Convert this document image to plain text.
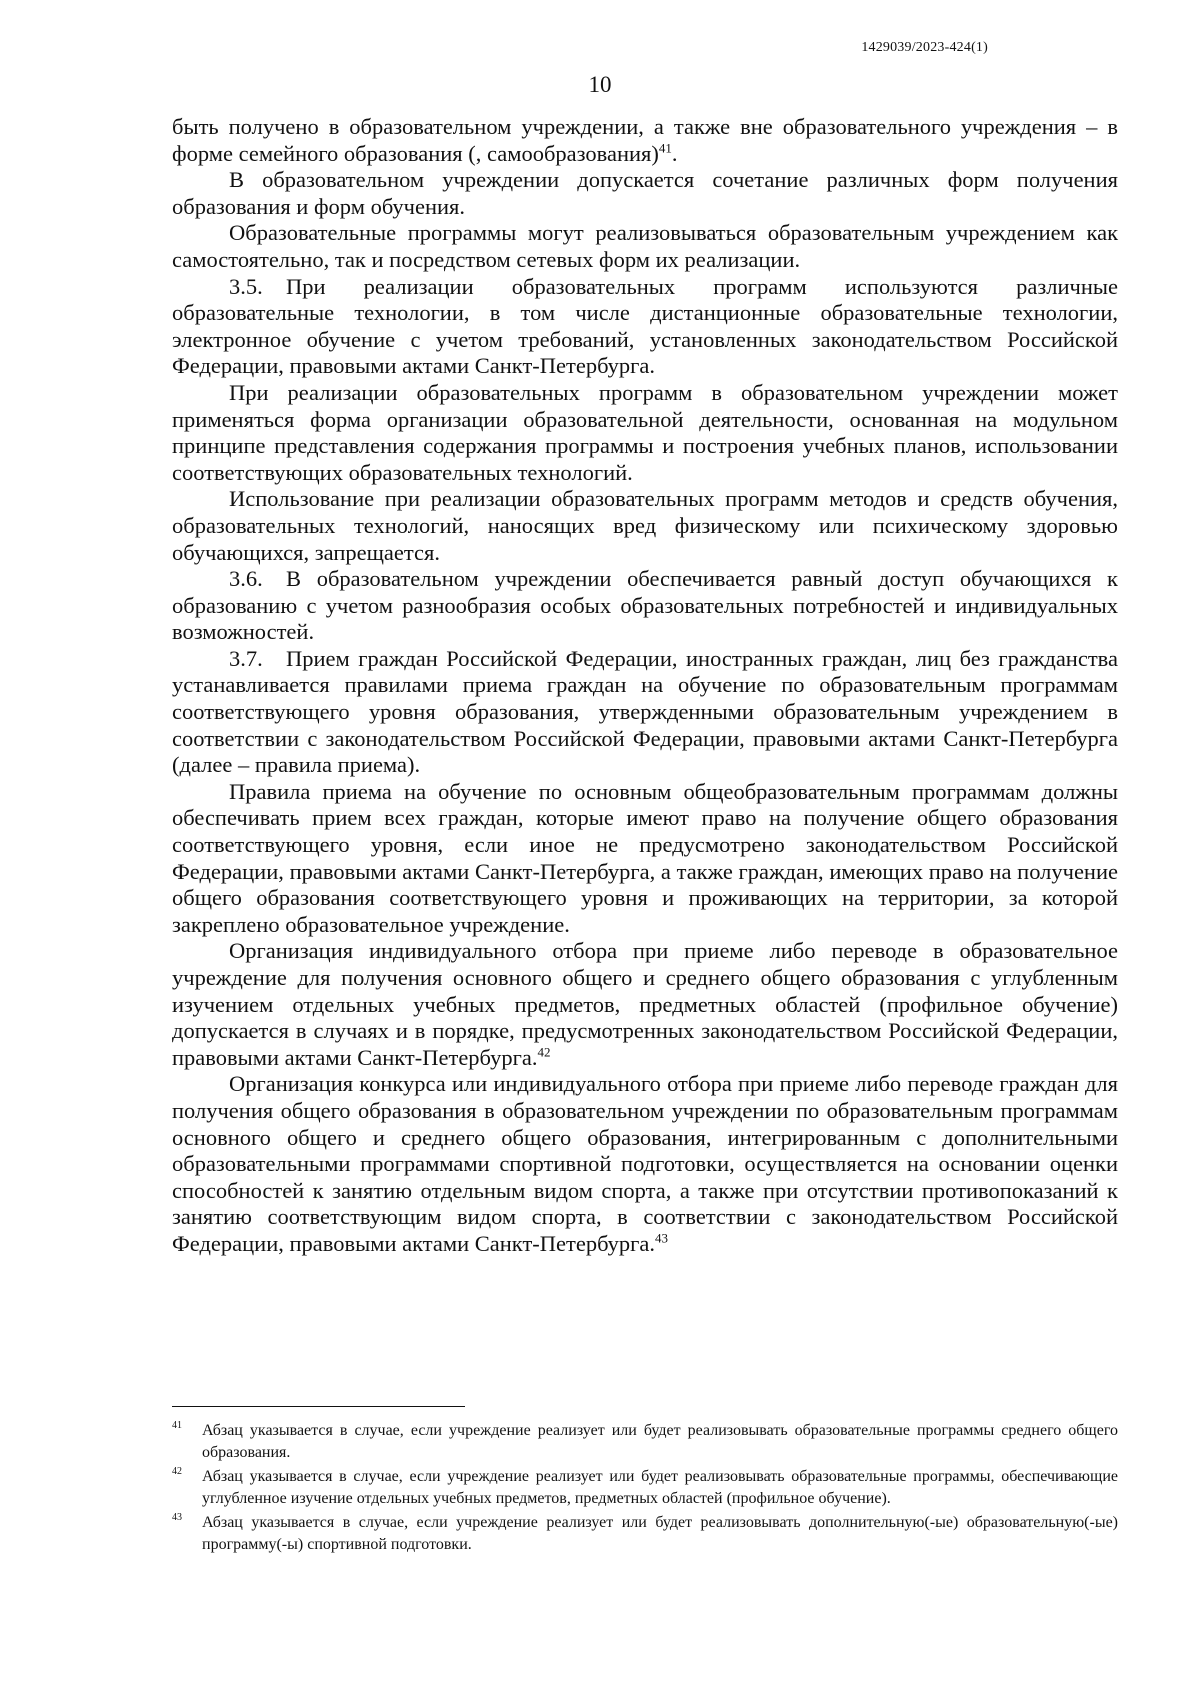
1429039/2023-424(1)
10

быть получено в образовательном учреждении, а также вне образовательного учреждения – в форме семейного образования (, самообразования)$^{41}$.

В образовательном учреждении допускается сочетание различных форм получения образования и форм обучения.

Образовательные программы могут реализовываться образовательным учреждением как самостоятельно, так и посредством сетевых форм их реализации.

3.5. При реализации образовательных программ используются различные образовательные технологии, в том числе дистанционные образовательные технологии, электронное обучение с учетом требований, установленных законодательством Российской Федерации, правовыми актами Санкт-Петербурга.

При реализации образовательных программ в образовательном учреждении может применяться форма организации образовательной деятельности, основанная на модульном принципе представления содержания программы и построения учебных планов, использовании соответствующих образовательных технологий.

Использование при реализации образовательных программ методов и средств обучения, образовательных технологий, наносящих вред физическому или психическому здоровью обучающихся, запрещается.

3.6. В образовательном учреждении обеспечивается равный доступ обучающихся к образованию с учетом разнообразия особых образовательных потребностей и индивидуальных возможностей.

3.7. Прием граждан Российской Федерации, иностранных граждан, лиц без гражданства устанавливается правилами приема граждан на обучение по образовательным программам соответствующего уровня образования, утвержденными образовательным учреждением в соответствии с законодательством Российской Федерации, правовыми актами Санкт-Петербурга (далее – правила приема).

Правила приема на обучение по основным общеобразовательным программам должны обеспечивать прием всех граждан, которые имеют право на получение общего образования соответствующего уровня, если иное не предусмотрено законодательством Российской Федерации, правовыми актами Санкт-Петербурга, а также граждан, имеющих право на получение общего образования соответствующего уровня и проживающих на территории, за которой закреплено образовательное учреждение.

Организация индивидуального отбора при приеме либо переводе в образовательное учреждение для получения основного общего и среднего общего образования с углубленным изучением отдельных учебных предметов, предметных областей (профильное обучение) допускается в случаях и в порядке, предусмотренных законодательством Российской Федерации, правовыми актами Санкт-Петербурга.$^{42}$

Организация конкурса или индивидуального отбора при приеме либо переводе граждан для получения общего образования в образовательном учреждении по образовательным программам основного общего и среднего общего образования, интегрированным с дополнительными образовательными программами спортивной подготовки, осуществляется на основании оценки способностей к занятию отдельным видом спорта, а также при отсутствии противопоказаний к занятию соответствующим видом спорта, в соответствии с законодательством Российской Федерации, правовыми актами Санкт-Петербурга.$^{43}$

41 Абзац указывается в случае, если учреждение реализует или будет реализовывать образовательные программы среднего общего образования.

42 Абзац указывается в случае, если учреждение реализует или будет реализовывать образовательные программы, обеспечивающие углубленное изучение отдельных учебных предметов, предметных областей (профильное обучение).

43 Абзац указывается в случае, если учреждение реализует или будет реализовывать дополнительную(-ые) образовательную(-ые) программу(-ы) спортивной подготовки.
